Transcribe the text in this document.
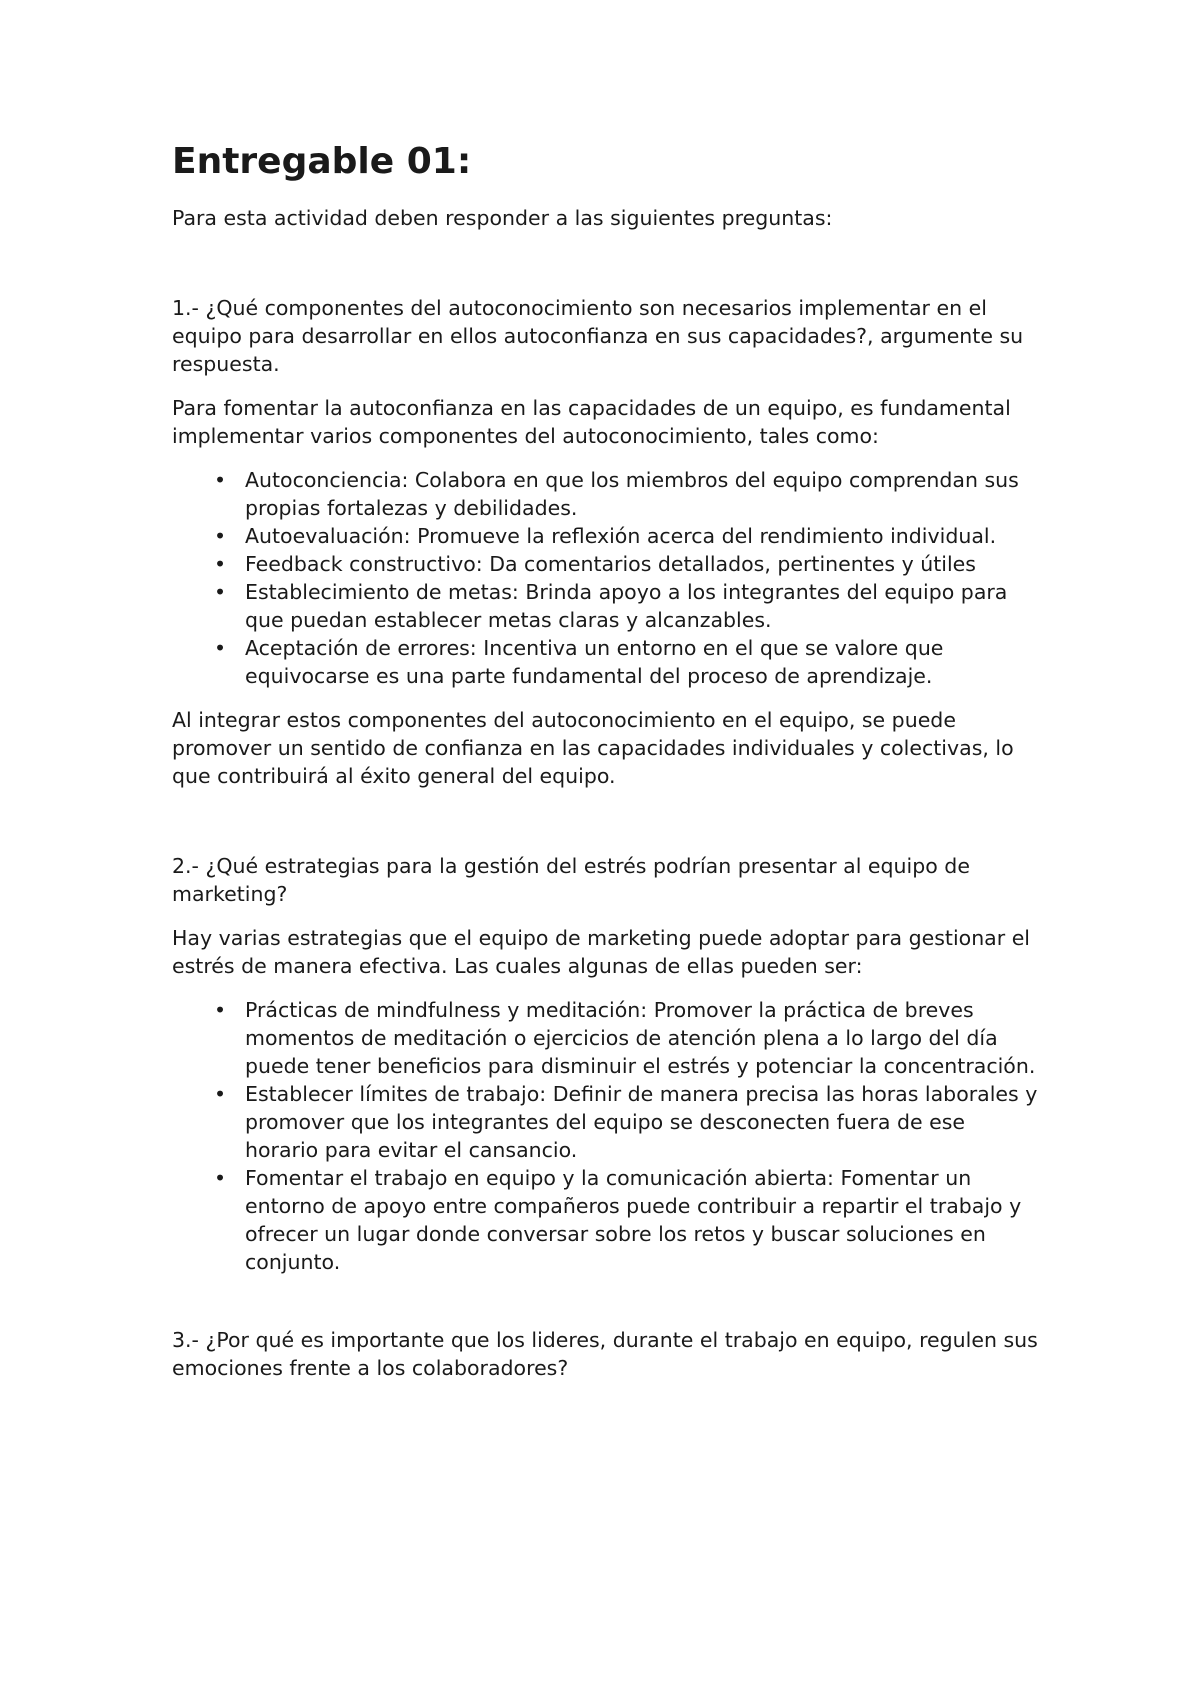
Entregable 01:

Para esta actividad deben responder a las siguientes preguntas:

1.- ¿Qué componentes del autoconocimiento son necesarios implementar en el equipo para desarrollar en ellos autoconfianza en sus capacidades?, argumente su respuesta.

Para fomentar la autoconfianza en las capacidades de un equipo, es fundamental implementar varios componentes del autoconocimiento, tales como:

• Autoconciencia: Colabora en que los miembros del equipo comprendan sus propias fortalezas y debilidades.
• Autoevaluación: Promueve la reflexión acerca del rendimiento individual.
• Feedback constructivo: Da comentarios detallados, pertinentes y útiles
• Establecimiento de metas: Brinda apoyo a los integrantes del equipo para que puedan establecer metas claras y alcanzables.
• Aceptación de errores: Incentiva un entorno en el que se valore que equivocarse es una parte fundamental del proceso de aprendizaje.

Al integrar estos componentes del autoconocimiento en el equipo, se puede promover un sentido de confianza en las capacidades individuales y colectivas, lo que contribuirá al éxito general del equipo.

2.- ¿Qué estrategias para la gestión del estrés podrían presentar al equipo de marketing?

Hay varias estrategias que el equipo de marketing puede adoptar para gestionar el estrés de manera efectiva. Las cuales algunas de ellas pueden ser:

• Prácticas de mindfulness y meditación: Promover la práctica de breves momentos de meditación o ejercicios de atención plena a lo largo del día puede tener beneficios para disminuir el estrés y potenciar la concentración.
• Establecer límites de trabajo: Definir de manera precisa las horas laborales y promover que los integrantes del equipo se desconecten fuera de ese horario para evitar el cansancio.
• Fomentar el trabajo en equipo y la comunicación abierta: Fomentar un entorno de apoyo entre compañeros puede contribuir a repartir el trabajo y ofrecer un lugar donde conversar sobre los retos y buscar soluciones en conjunto.

3.- ¿Por qué es importante que los lideres, durante el trabajo en equipo, regulen sus emociones frente a los colaboradores?
